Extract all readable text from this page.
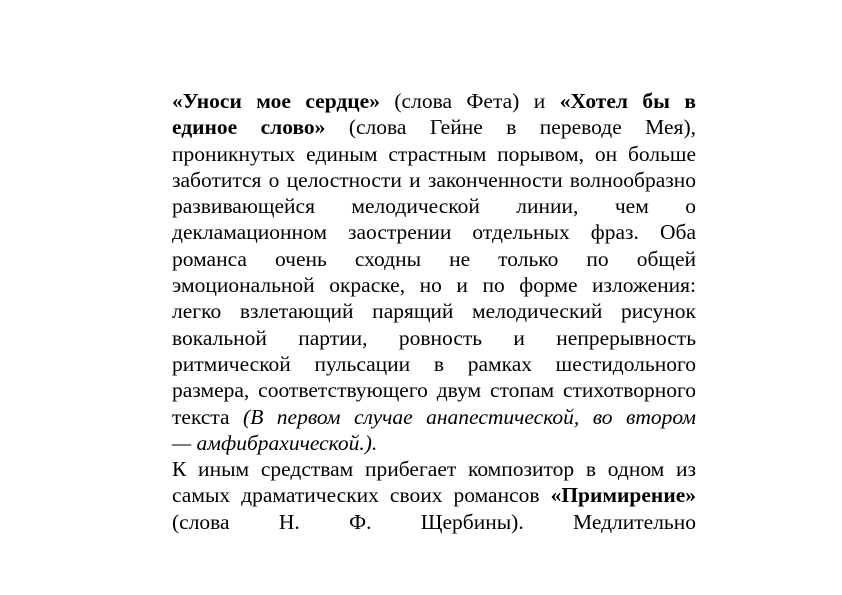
«Уноси мое сердце» (слова Фета) и «Хотел бы в
единое слово» (слова Гейне в переводе Мея),
проникнутых единым страстным порывом, он больше
заботится о целостности и законченности волнообразно
развивающейся мелодической линии, чем о
декламационном заострении отдельных фраз. Оба
романса очень сходны не только по общей
эмоциональной окраске, но и по форме изложения:
легко взлетающий парящий мелодический рисунок
вокальной партии, ровность и непрерывность
ритмической пульсации в рамках шестидольного
размера, соответствующего двум стопам стихотворного
текста (В первом случае анапестической, во втором
— амфибрахической.).
К иным средствам прибегает композитор в одном из
самых драматических своих романсов «Примирение»
(слова Н. Ф. Щербины). Медлительно
